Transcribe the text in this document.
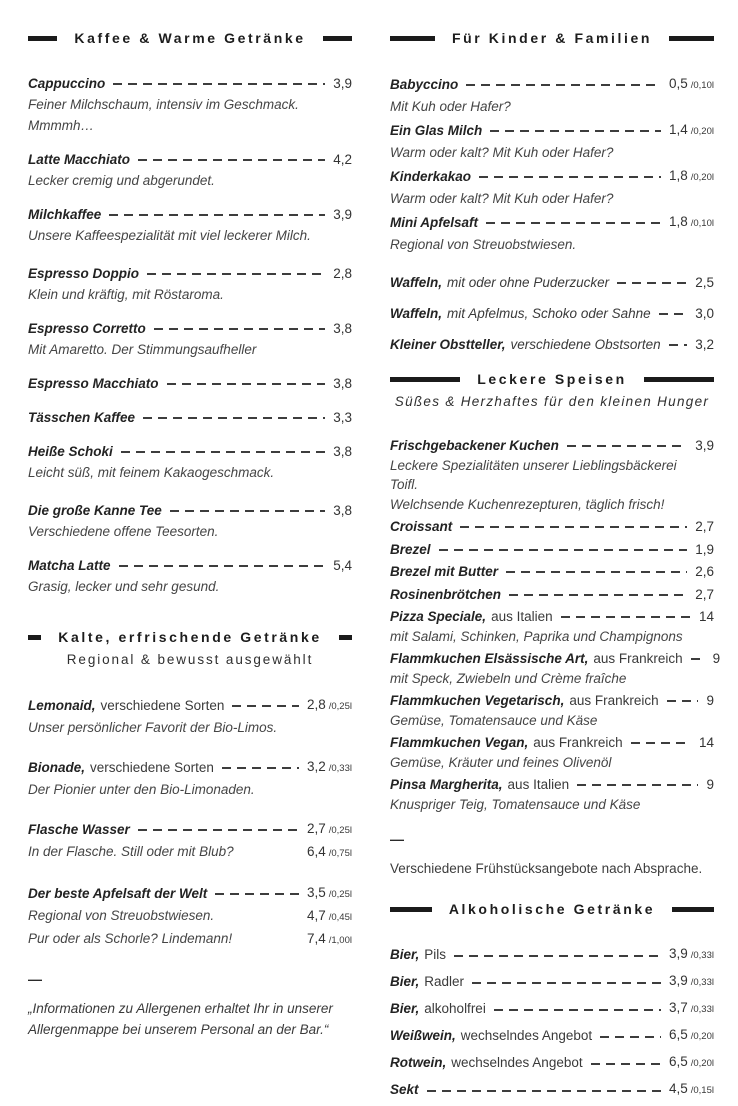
Kaffee & Warme Getränke
Cappuccino	3,9
Feiner Milchschaum, intensiv im Geschmack. Mmmmh…
Latte Macchiato	4,2
Lecker cremig und abgerundet.
Milchkaffee	3,9
Unsere Kaffeespezialität mit viel leckerer Milch.
Espresso Doppio	2,8
Klein und kräftig, mit Röstaroma.
Espresso Corretto	3,8
Mit Amaretto. Der Stimmungsaufheller
Espresso Macchiato	3,8
Tässchen Kaffee	3,3
Heiße Schoki	3,8
Leicht süß, mit feinem Kakaogeschmack.
Die große Kanne Tee	3,8
Verschiedene offene Teesorten.
Matcha Latte	5,4
Grasig, lecker und sehr gesund.
Kalte, erfrischende Getränke

Regional & bewusst ausgewählt

Lemonaid, verschiedene Sorten	2,8 /0,25l
Unser persönlicher Favorit der Bio-Limos.
Bionade, verschiedene Sorten	3,2 /0,33l
Der Pionier unter den Bio-Limonaden.
Flasche Wasser	2,7 /0,25l
In der Flasche. Still oder mit Blub?	6,4 /0,75l
Der beste Apfelsaft der Welt	3,5 /0,25l
Regional von Streuobstwiesen.	4,7 /0,45l
Pur oder als Schorle? Lindemann!	7,4 /1,00l
—

„Informationen zu Allergenen erhaltet Ihr in unserer

Allergenmappe bei unserem Personal an der Bar.“

Für Kinder & Familien
Babyccino	0,5 /0,10l
Mit Kuh oder Hafer?
Ein Glas Milch	1,4 /0,20l
Warm oder kalt? Mit Kuh oder Hafer?
Kinderkakao	1,8 /0,20l
Warm oder kalt? Mit Kuh oder Hafer?
Mini Apfelsaft	1,8 /0,10l
Regional von Streuobstwiesen.
Waffeln, mit oder ohne Puderzucker	2,5
Waffeln, mit Apfelmus, Schoko oder Sahne	3,0
Kleiner Obstteller, verschiedene Obstsorten	3,2
Leckere Speisen

Süßes & Herzhaftes für den kleinen Hunger

Frischgebackener Kuchen	3,9
Leckere Spezialitäten unserer Lieblingsbäckerei Toifl.
Welchsende Kuchenrezepturen, täglich frisch!
Croissant	2,7
Brezel	1,9
Brezel mit Butter	2,6
Rosinenbrötchen	2,7
Pizza Speciale, aus Italien	14
mit Salami, Schinken, Paprika und Champignons
Flammkuchen Elsässische Art, aus Frankreich 9
mit Speck, Zwiebeln und Crème fraîche
Flammkuchen Vegetarisch, aus Frankreich	9
Gemüse, Tomatensauce und Käse
Flammkuchen Vegan, aus Frankreich	14
Gemüse, Kräuter und feines Olivenöl
Pinsa Margherita, aus Italien	9
Knuspriger Teig, Tomatensauce und Käse
—

Verschiedene Frühstücksangebote nach Absprache.

Alkoholische Getränke
Bier, Pils	3,9 /0,33l
Bier, Radler	3,9 /0,33l
Bier, alkoholfrei	3,7 /0,33l
Weißwein, wechselndes Angebot	6,5 /0,20l
Rotwein, wechselndes Angebot	6,5 /0,20l
Sekt	4,5 /0,15l
